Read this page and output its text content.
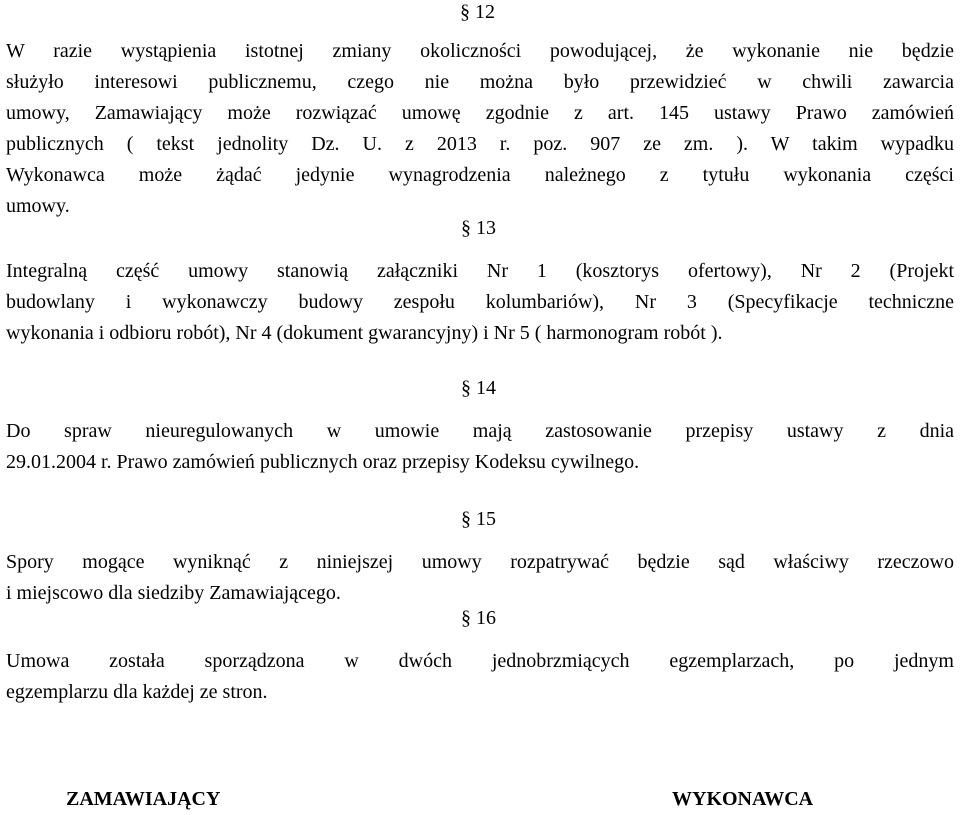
§ 12
W razie wystąpienia istotnej zmiany okoliczności powodującej, że wykonanie nie będzie
służyło interesowi publicznemu, czego nie można było przewidzieć w chwili zawarcia
umowy, Zamawiający może rozwiązać umowę zgodnie z art. 145 ustawy Prawo zamówień
publicznych ( tekst jednolity Dz. U. z 2013 r. poz. 907 ze zm. ). W takim wypadku
Wykonawca może żądać jedynie wynagrodzenia należnego z tytułu wykonania części
umowy.
§ 13
Integralną część umowy stanowią załączniki Nr 1 (kosztorys ofertowy), Nr 2 (Projekt
budowlany i wykonawczy budowy zespołu kolumbariów), Nr 3 (Specyfikacje techniczne
wykonania i odbioru robót), Nr 4 (dokument gwarancyjny) i Nr 5 ( harmonogram robót ).
§ 14
Do spraw nieuregulowanych w umowie mają zastosowanie przepisy ustawy z dnia
29.01.2004 r. Prawo zamówień publicznych oraz przepisy Kodeksu cywilnego.
§ 15
Spory mogące wyniknąć z niniejszej umowy rozpatrywać będzie sąd właściwy rzeczowo
i miejscowo dla siedziby Zamawiającego.
§ 16
Umowa została sporządzona w dwóch jednobrzmiących egzemplarzach, po jednym
egzemplarzu dla każdej ze stron.
ZAMAWIAJĄCY	WYKONAWCA
